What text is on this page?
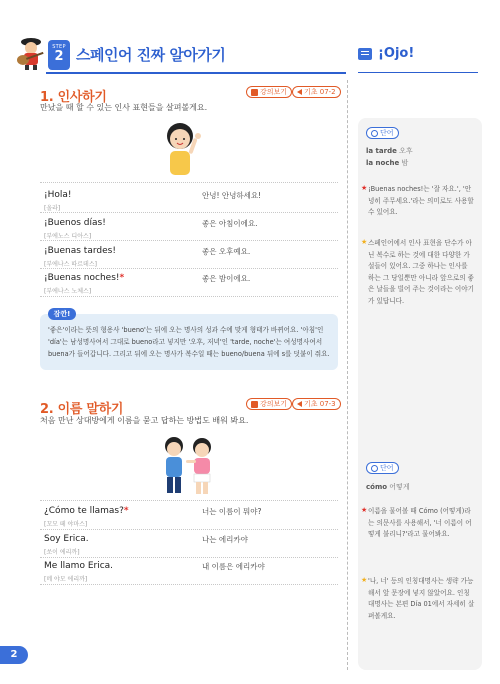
STEP
2 스페인어 진짜 알아가기	¡Ojo!
1. 인사하기
만났을 때 할 수 있는 인사 표현들을 살펴볼게요.
강의보기 기초 07-2
¡Hola!
[올라]
안녕! 안녕하세요!
¡Buenos días!
[부에노스 디아스]
좋은 아침이에요.
¡Buenas tardes!
[부에나스 따르데스]
좋은 오후예요.
¡Buenas noches!*
[부에나스 노체스]
좋은 밤이에요.
잠깐!
'좋은'이라는 뜻의 형용사 'bueno'는 뒤에 오는 명사의 성과 수에 맞게 형태가 바뀌어요. '아침'인 'día'는 남성명사여서 그대로 bueno라고 넣지만 '오후, 저녁'인 'tarde, noche'는 여성명사여서 buena가 들어갑니다. 그리고 뒤에 오는 명사가 복수일 때는 bueno/buena 뒤에 s를 덧붙이 줘요.
2. 이름 말하기
처음 만난 상대방에게 이름을 묻고 답하는 방법도 배워 봐요.
강의보기 기초 07-3
¿Cómo te llamas?*
[꼬모 떼 야마스]
너는 이름이 뭐야?
Soy Erica.
[쏘이 에리까]
나는 에리카야
Me llamo Erica.
[메 야모 에리까]
내 이름은 에리카야
단어
la tarde 오후
la noche 밤
★ ¡Buenas noches!는 '잘 자요.', '안녕히 주무세요.'라는 의미로도 사용할 수 있어요.
★ 스페인어에서 인사 표현을 단수가 아닌 복수로 하는 것에 대한 다양한 가설들이 있어요. 그중 하나는 인사를 하는 그 당일뿐만 아니라 앞으로의 좋은 날들을 빌어 주는 것이라는 이야기가 있답니다.
단어
cómo 어떻게
★ 이름을 물어볼 때 Cómo (어떻게)라는 의문사를 사용해서, '너 이름이 어떻게 불리니?'라고 물어봐요.
★ '나, 너' 등의 인칭대명사는 생략 가능해서 앞 문장에 넣지 않았어요. 인칭대명사는 본편 Día 01에서 자세히 살펴볼게요.
2
